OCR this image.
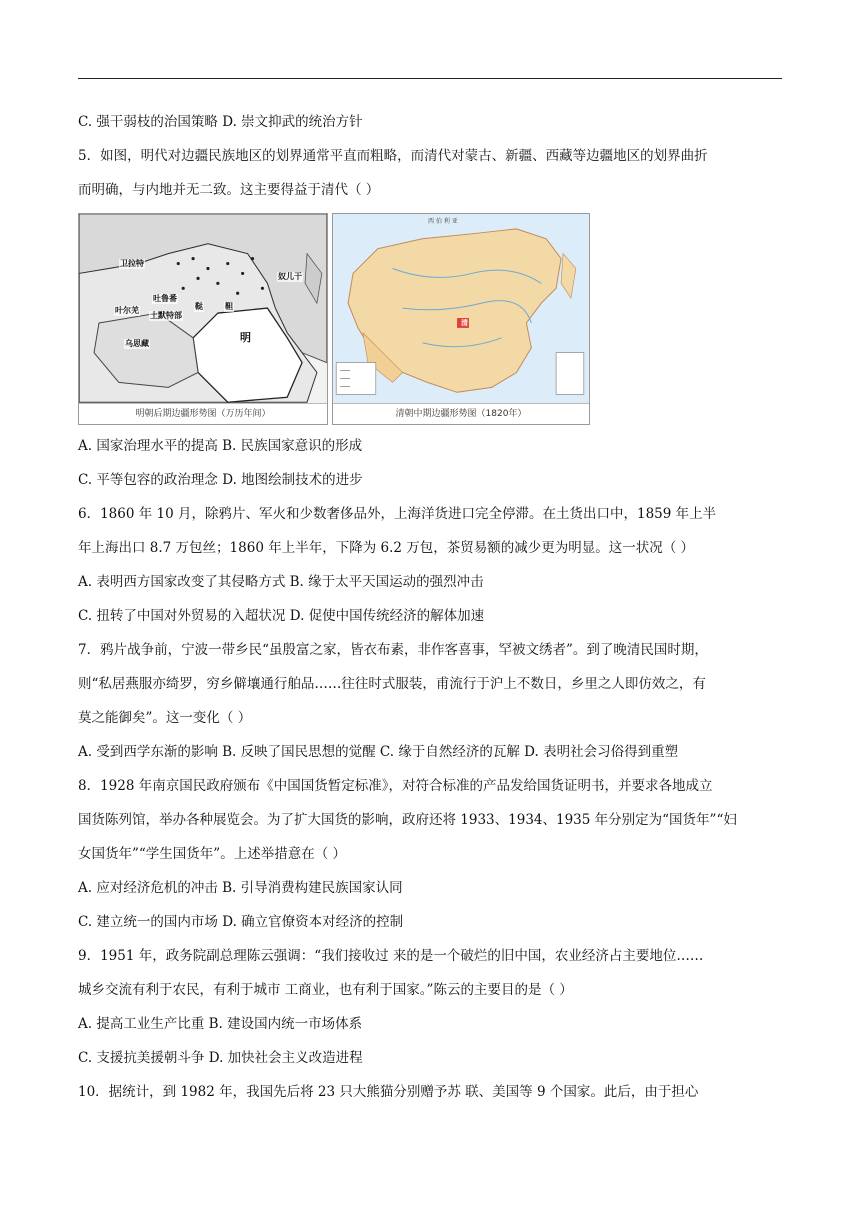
C. 强干弱枝的治国策略 D. 崇文抑武的统治方针

5．如图，明代对边疆民族地区的划界通常平直而粗略，而清代对蒙古、新疆、西藏等边疆地区的划界曲折

而明确，与内地并无二致。这主要得益于清代（ ）

卫拉特
鞑	靼
奴儿干
吐鲁番
土默特部
叶尔羌
乌思藏	明
明朝后期边疆形势图（万历年间）
西 伯 利 亚
清
清朝中期边疆形势图（1820年）

A. 国家治理水平的提高 B. 民族国家意识的形成

C. 平等包容的政治理念 D. 地图绘制技术的进步

6．1860 年 10 月，除鸦片、军火和少数奢侈品外，上海洋货进口完全停滞。在土货出口中，1859 年上半

年上海出口 8.7 万包丝；1860 年上半年，下降为 6.2 万包，茶贸易额的减少更为明显。这一状况（ ）

A. 表明西方国家改变了其侵略方式 B. 缘于太平天国运动的强烈冲击

C. 扭转了中国对外贸易的入超状况 D. 促使中国传统经济的解体加速

7．鸦片战争前，宁波一带乡民“虽殷富之家，皆衣布素，非作客喜事，罕被文绣者”。到了晚清民国时期，

则“私居燕服亦绮罗，穷乡僻壤通行舶品……往往时式服装，甫流行于沪上不数日，乡里之人即仿效之，有

莫之能御矣”。这一变化（ ）

A. 受到西学东渐的影响 B. 反映了国民思想的觉醒 C. 缘于自然经济的瓦解 D. 表明社会习俗得到重塑

8．1928 年南京国民政府颁布《中国国货暂定标准》，对符合标准的产品发给国货证明书，并要求各地成立

国货陈列馆，举办各种展览会。为了扩大国货的影响，政府还将 1933、1934、1935 年分别定为“国货年”“妇

女国货年”“学生国货年”。上述举措意在（ ）

A. 应对经济危机的冲击 B. 引导消费构建民族国家认同

C. 建立统一的国内市场 D. 确立官僚资本对经济的控制

9．1951 年，政务院副总理陈云强调：“我们接收过 来的是一个破烂的旧中国，农业经济占主要地位……

城乡交流有利于农民，有利于城市 工商业，也有利于国家。”陈云的主要目的是（ ）

A. 提高工业生产比重 B. 建设国内统一市场体系

C. 支援抗美援朝斗争 D. 加快社会主义改造进程

10．据统计，到 1982 年，我国先后将 23 只大熊猫分别赠予苏 联、美国等 9 个国家。此后，由于担心
